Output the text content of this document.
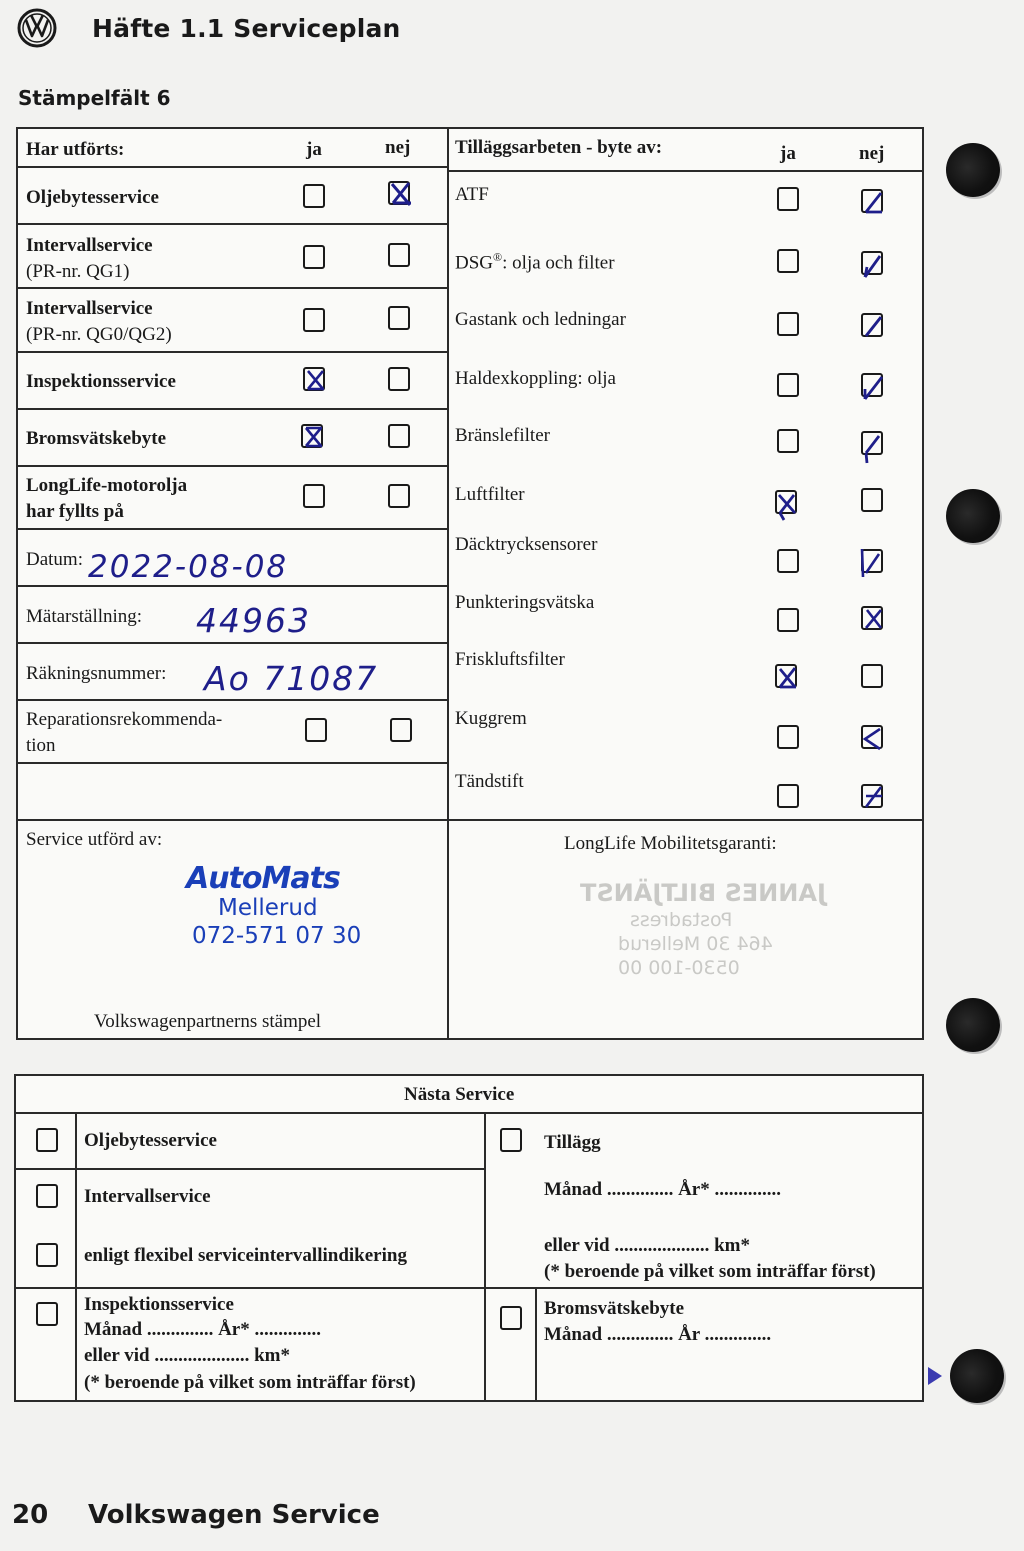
Häfte 1.1 Serviceplan
Stämpelfält 6
Har utförts:	ja	nej
Oljebytesservice
Intervallservice
(PR-nr. QG1)
Intervallservice
(PR-nr. QG0/QG2)
Inspektionsservice
Bromsvätskebyte
LongLife-motorolja
har fyllts på
Datum: 2022-08-08
Mätarställning: 44963
Räkningsnummer: Ao 71087
Reparationsrekommenda-
tion
Service utförd av:
AutoMats
Mellerud
072-571 07 30
Volkswagenpartnerns stämpel
Tilläggsarbeten - byte av:	ja	nej
ATF
DSG®: olja och filter
Gastank och ledningar
Haldexkoppling: olja
Bränslefilter
Luftfilter
Däcktrycksensorer
Punkteringsvätska
Friskluftsfilter
Kuggrem
Tändstift
LongLife Mobilitetsgaranti:
JANNES BILTJÄNST
Postadress
464 30 Mellerud
0530-100 00
Nästa Service
Oljebytesservice
Intervallservice
enligt flexibel serviceintervallindikering
Inspektionsservice
Månad .............. År* ..............
eller vid .................... km*
(* beroende på vilket som inträffar först)
Tillägg
Månad .............. År* ..............
eller vid .................... km*
(* beroende på vilket som inträffar först)
Bromsvätskebyte
Månad .............. År ..............
20 Volkswagen Service
